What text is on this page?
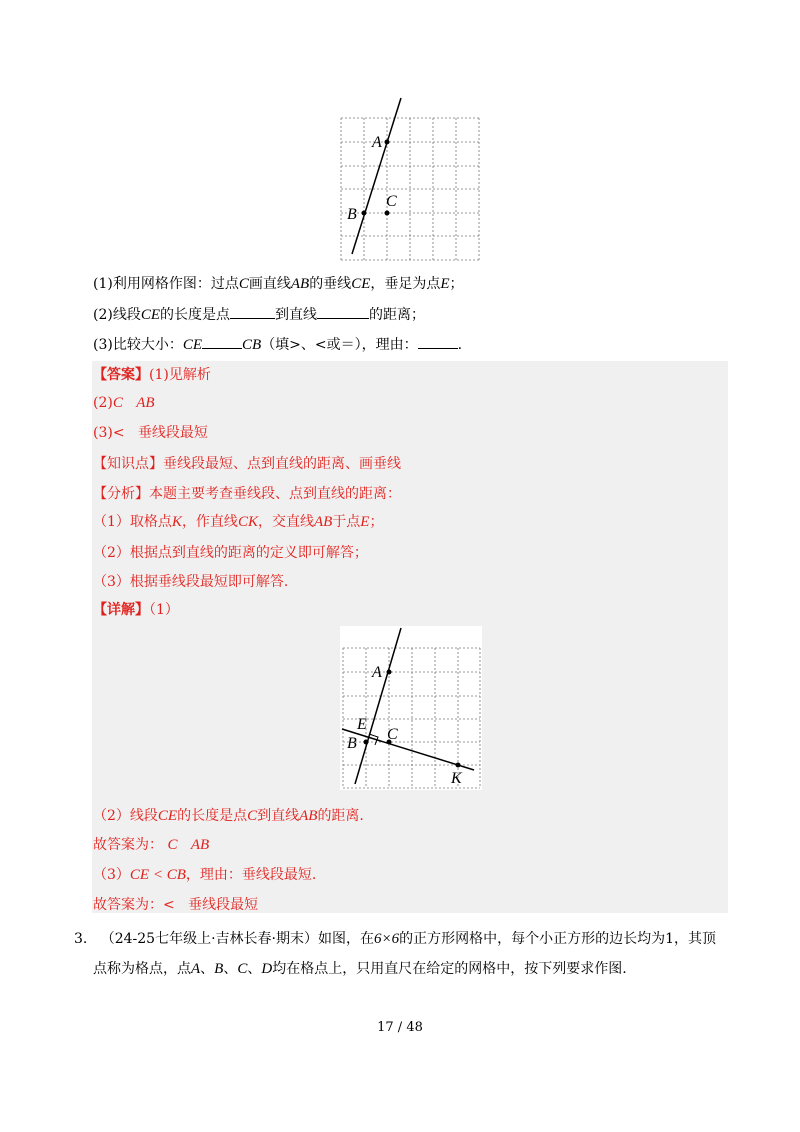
A
B
C
(1)利用网格作图：过点C画直线AB的垂线CE，垂足为点E；
(2)线段CE的长度是点	到直线	的距离；
(3)比较大小：CE	CB（填>、<或＝），理由：	.
【答案】(1)见解析
(2)C AB
(3)< 垂线段最短
【知识点】垂线段最短、点到直线的距离、画垂线
【分析】本题主要考查垂线段、点到直线的距离：
（1）取格点K，作直线CK，交直线AB于点E；
（2）根据点到直线的距离的定义即可解答；
（3）根据垂线段最短即可解答.
【详解】（1）
A
E
C
B
K
（2）线段CE的长度是点C到直线AB的距离.
故答案为： C AB
（3）CE < CB，理由：垂线段最短.
故答案为：< 垂线段最短
3. （24-25七年级上·吉林长春·期末）如图，在6×6的正方形网格中，每个小正方形的边长均为1，其顶
点称为格点，点A、B、C、D均在格点上，只用直尺在给定的网格中，按下列要求作图.
17 / 48
